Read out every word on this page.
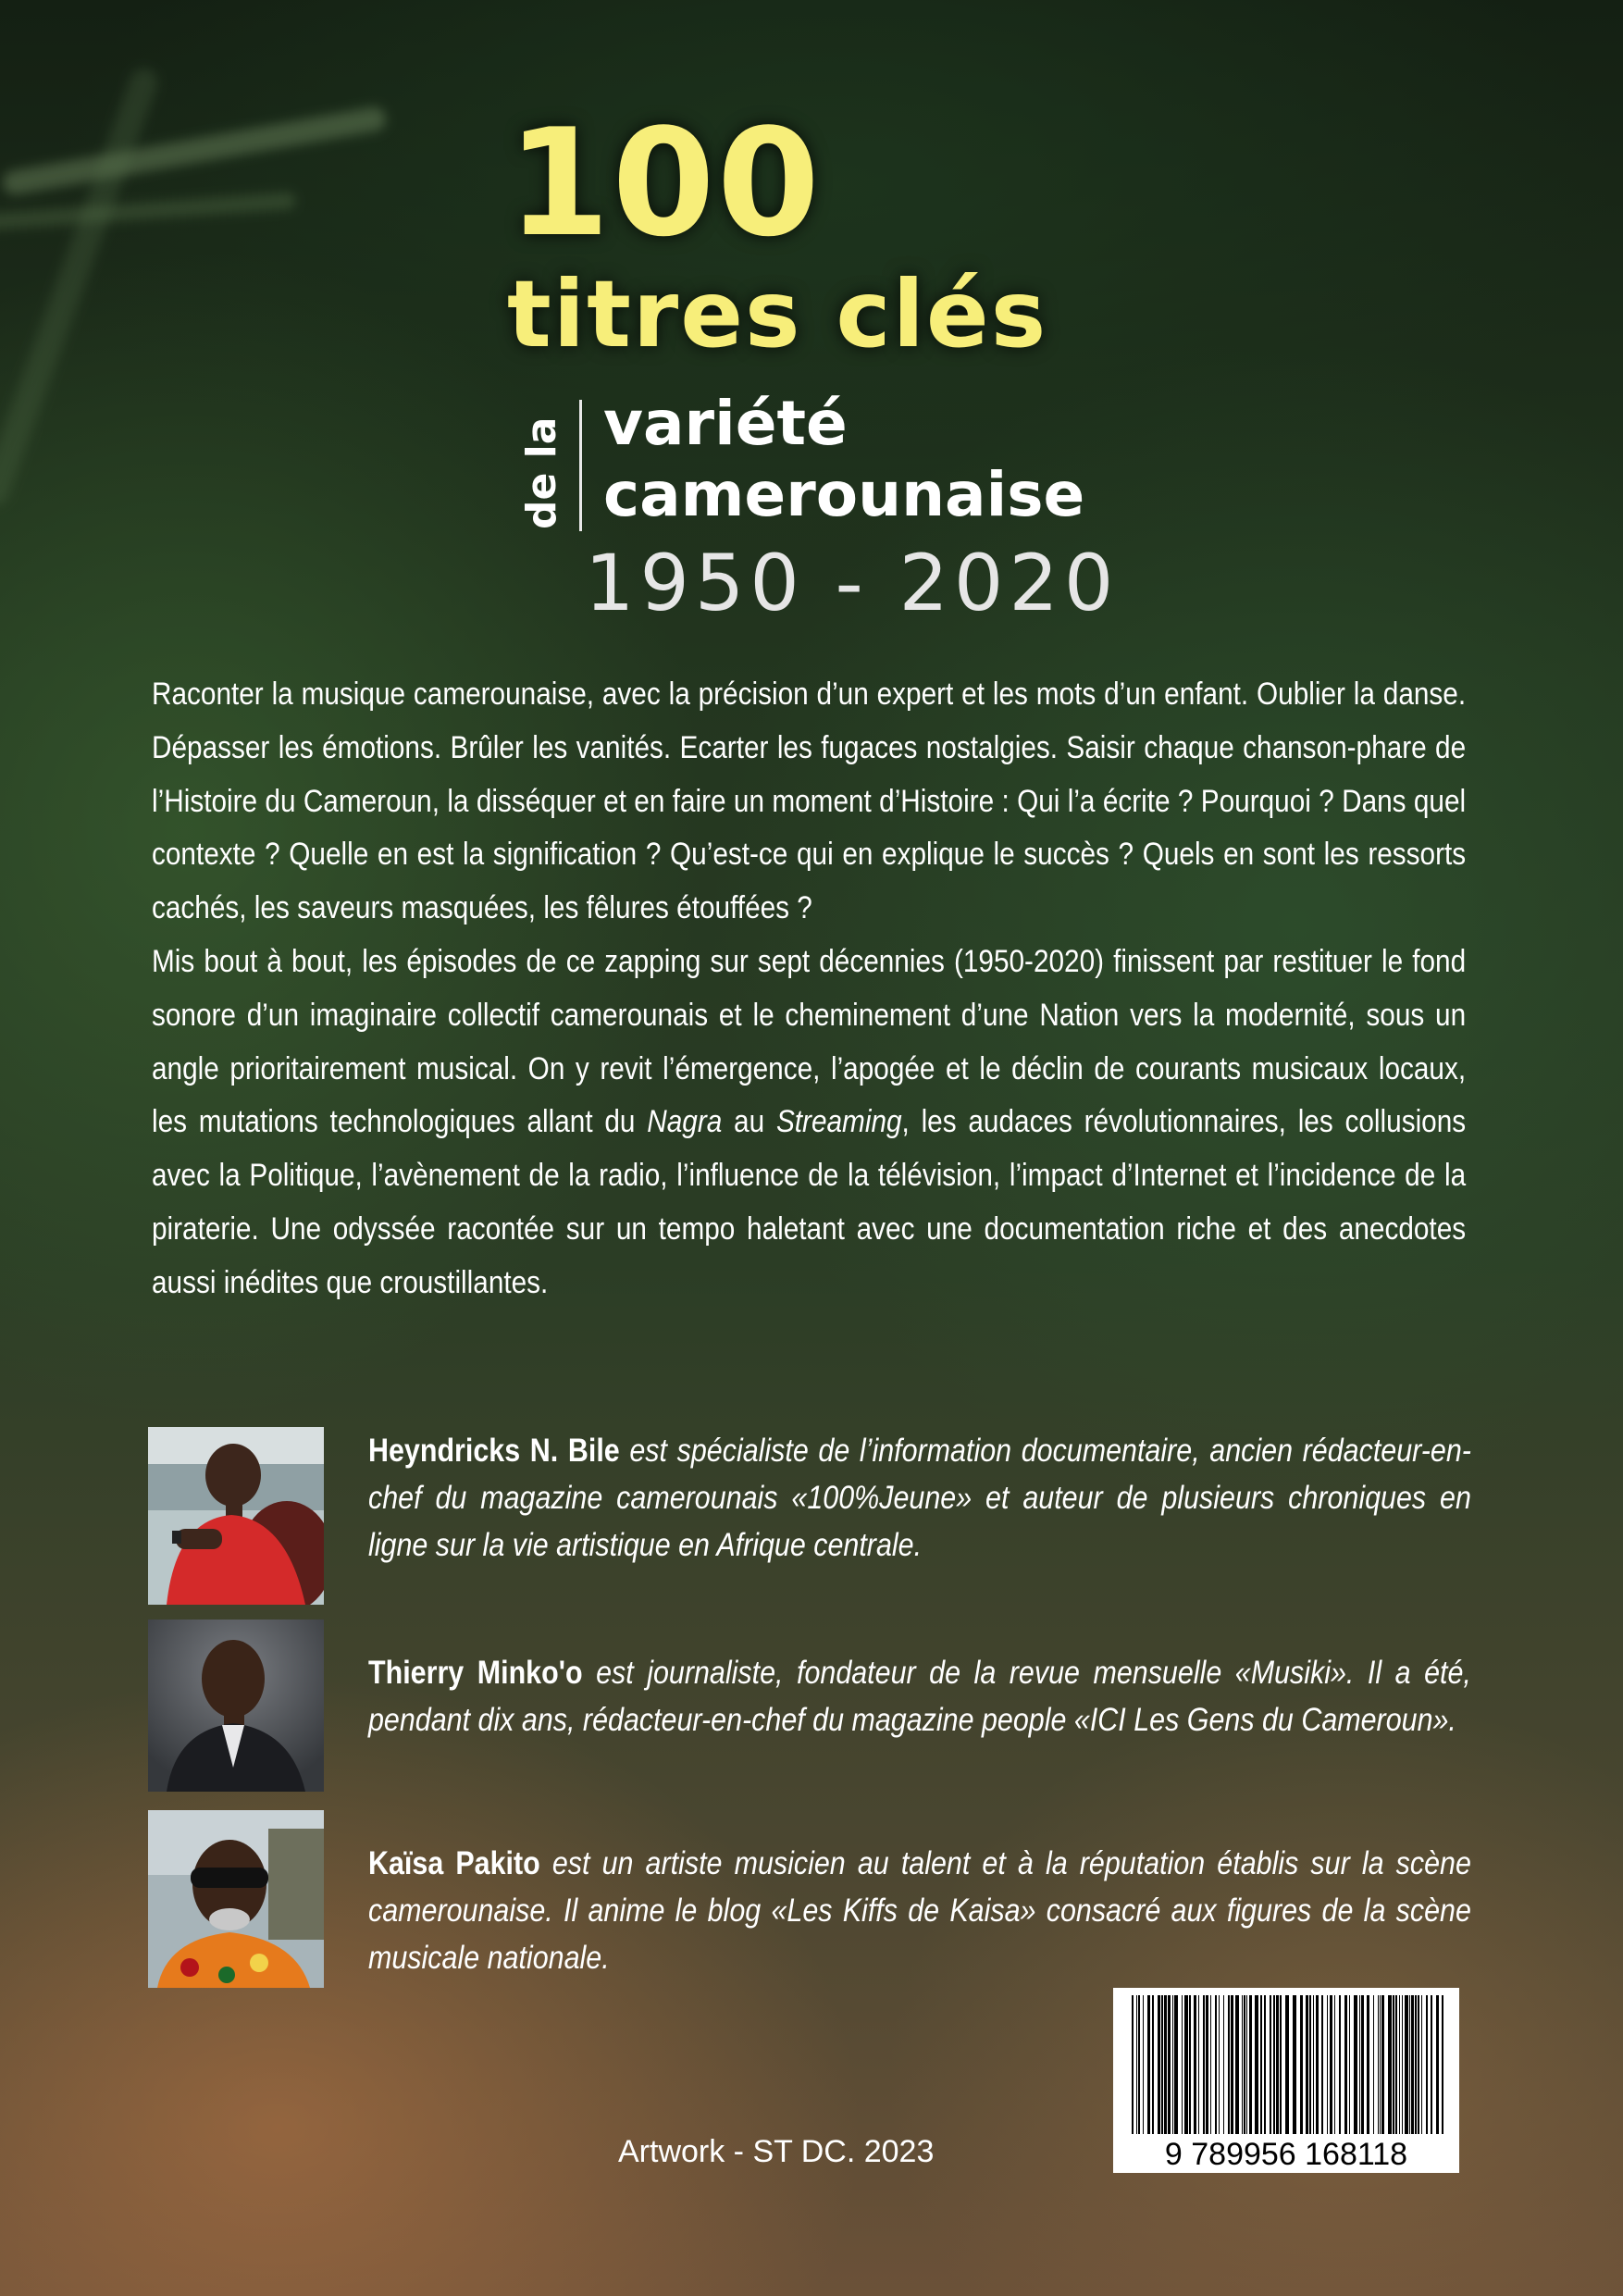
100
titres clés
de la variété
camerounaise
1950 - 2020

Raconter la musique camerounaise, avec la précision d’un expert et les mots d’un enfant. Oublier la danse. Dépasser les émotions. Brûler les vanités. Ecarter les fugaces nostalgies. Saisir chaque chanson-phare de l’Histoire du Cameroun, la disséquer et en faire un moment d’Histoire : Qui l’a écrite ? Pourquoi ? Dans quel contexte ? Quelle en est la signification ? Qu’est-ce qui en explique le succès ? Quels en sont les ressorts cachés, les saveurs masquées, les fêlures étouffées ?

Mis bout à bout, les épisodes de ce zapping sur sept décennies (1950-2020) finissent par restituer le fond sonore d’un imaginaire collectif camerounais et le cheminement d’une Nation vers la modernité, sous un angle prioritairement musical. On y revit l’émergence, l’apogée et le déclin de courants musicaux locaux, les mutations technologiques allant du Nagra au Streaming, les audaces révolutionnaires, les collusions avec la Politique, l’avènement de la radio, l’influence de la télévision, l’impact d’Internet et l’incidence de la piraterie. Une odyssée racontée sur un tempo haletant avec une documentation riche et des anecdotes aussi inédites que croustillantes.

Heyndricks N. Bile est spécialiste de l’information documentaire, ancien rédacteur-en-chef du magazine camerounais «100%Jeune» et auteur de plusieurs chroniques en ligne sur la vie artistique en Afrique centrale.
Thierry Minko'o est journaliste, fondateur de la revue mensuelle «Musiki». Il a été, pendant dix ans, rédacteur-en-chef du magazine people «ICI Les Gens du Cameroun».
Kaïsa Pakito est un artiste musicien au talent et à la réputation établis sur la scène camerounaise. Il anime le blog «Les Kiffs de Kaisa» consacré aux figures de la scène musicale nationale.
9 789956 168118
Artwork - ST DC. 2023
